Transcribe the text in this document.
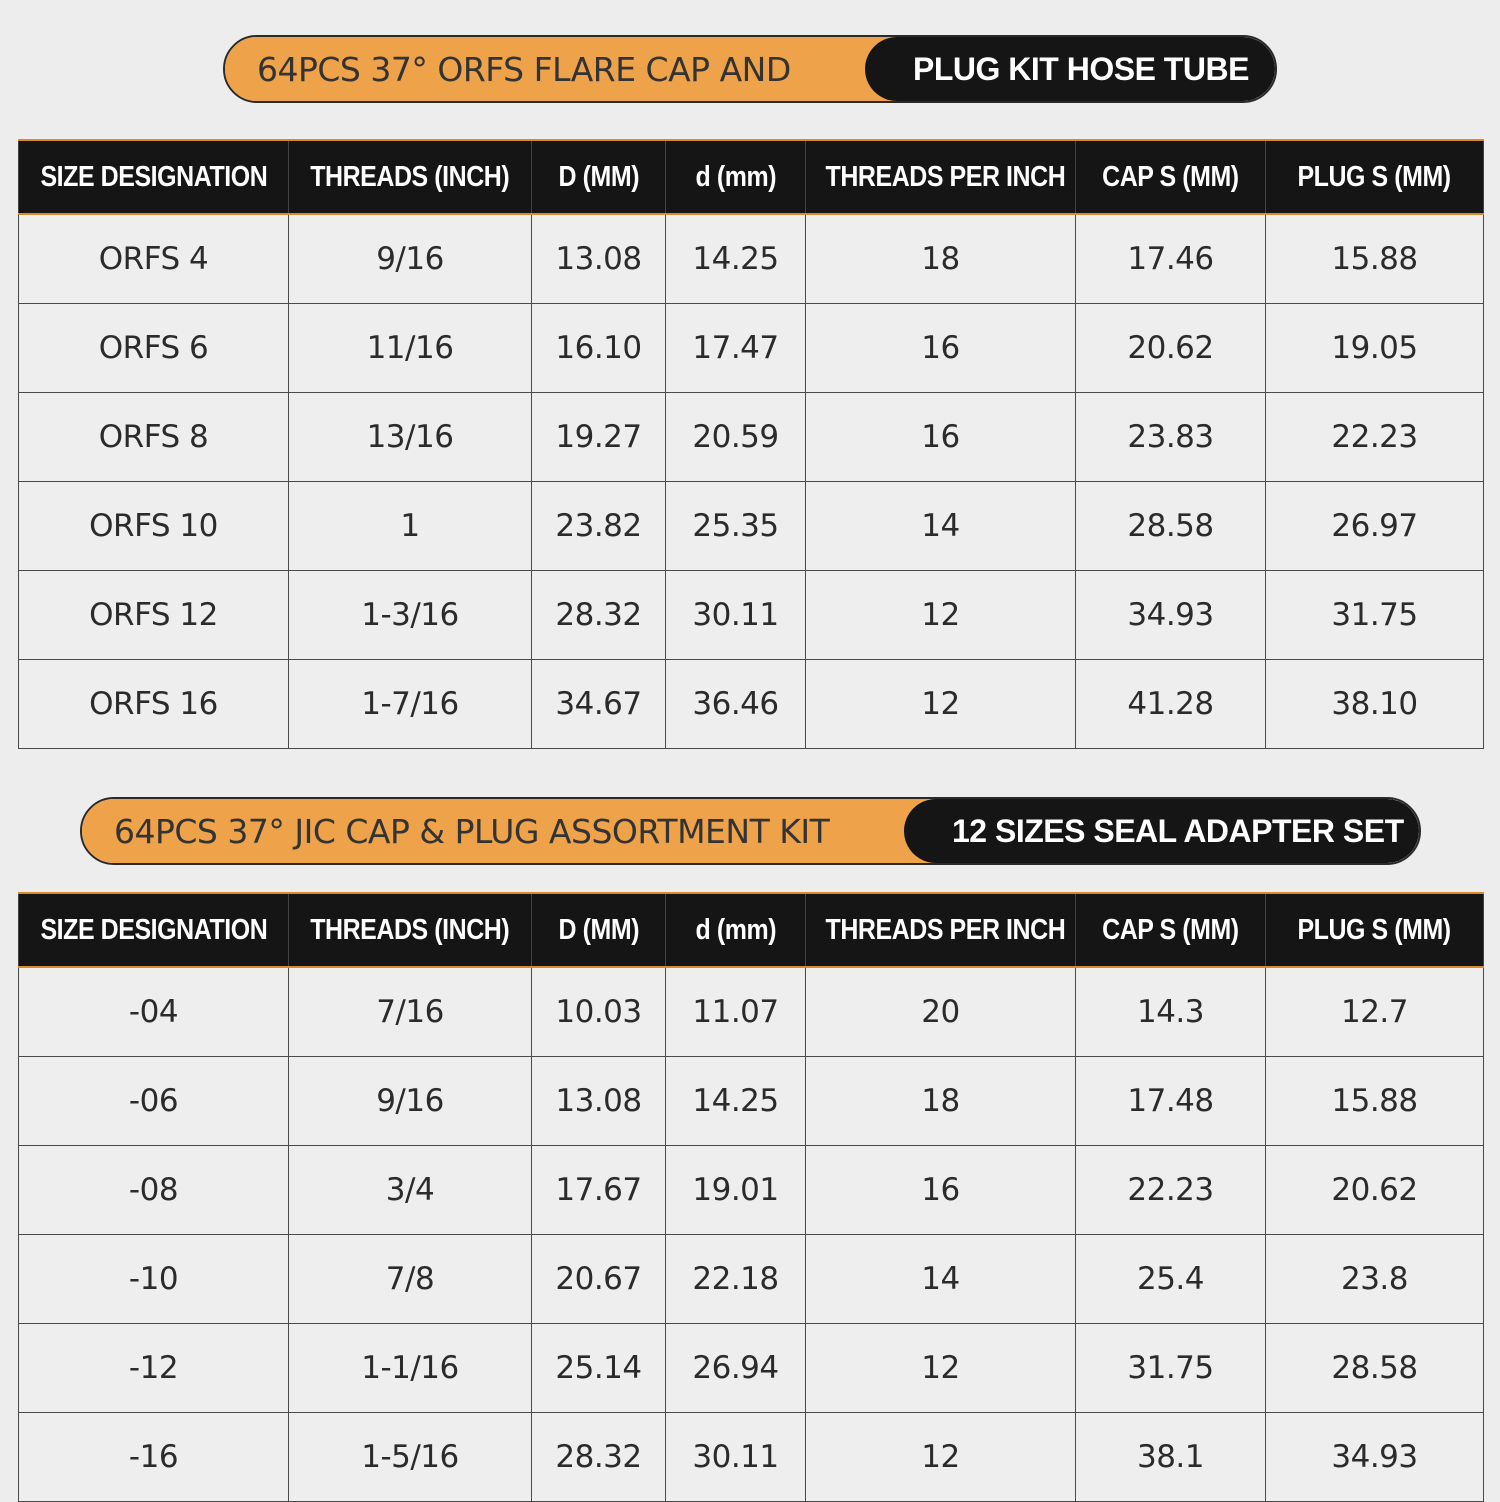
64PCS 37° ORFS FLARE CAP AND	PLUG KIT HOSE TUBE
SIZE DESIGNATION	THREADS (INCH)	D (MM)	d (mm)	THREADS PER INCH	CAP S (MM)	PLUG S (MM)
ORFS 4	9/16	13.08	14.25	18	17.46	15.88
ORFS 6	11/16	16.10	17.47	16	20.62	19.05
ORFS 8	13/16	19.27	20.59	16	23.83	22.23
ORFS 10	1	23.82	25.35	14	28.58	26.97
ORFS 12	1-3/16	28.32	30.11	12	34.93	31.75
ORFS 16	1-7/16	34.67	36.46	12	41.28	38.10
64PCS 37° JIC CAP & PLUG ASSORTMENT KIT	12 SIZES SEAL ADAPTER SET
SIZE DESIGNATION	THREADS (INCH)	D (MM)	d (mm)	THREADS PER INCH	CAP S (MM)	PLUG S (MM)
-04	7/16	10.03	11.07	20	14.3	12.7
-06	9/16	13.08	14.25	18	17.48	15.88
-08	3/4	17.67	19.01	16	22.23	20.62
-10	7/8	20.67	22.18	14	25.4	23.8
-12	1-1/16	25.14	26.94	12	31.75	28.58
-16	1-5/16	28.32	30.11	12	38.1	34.93
